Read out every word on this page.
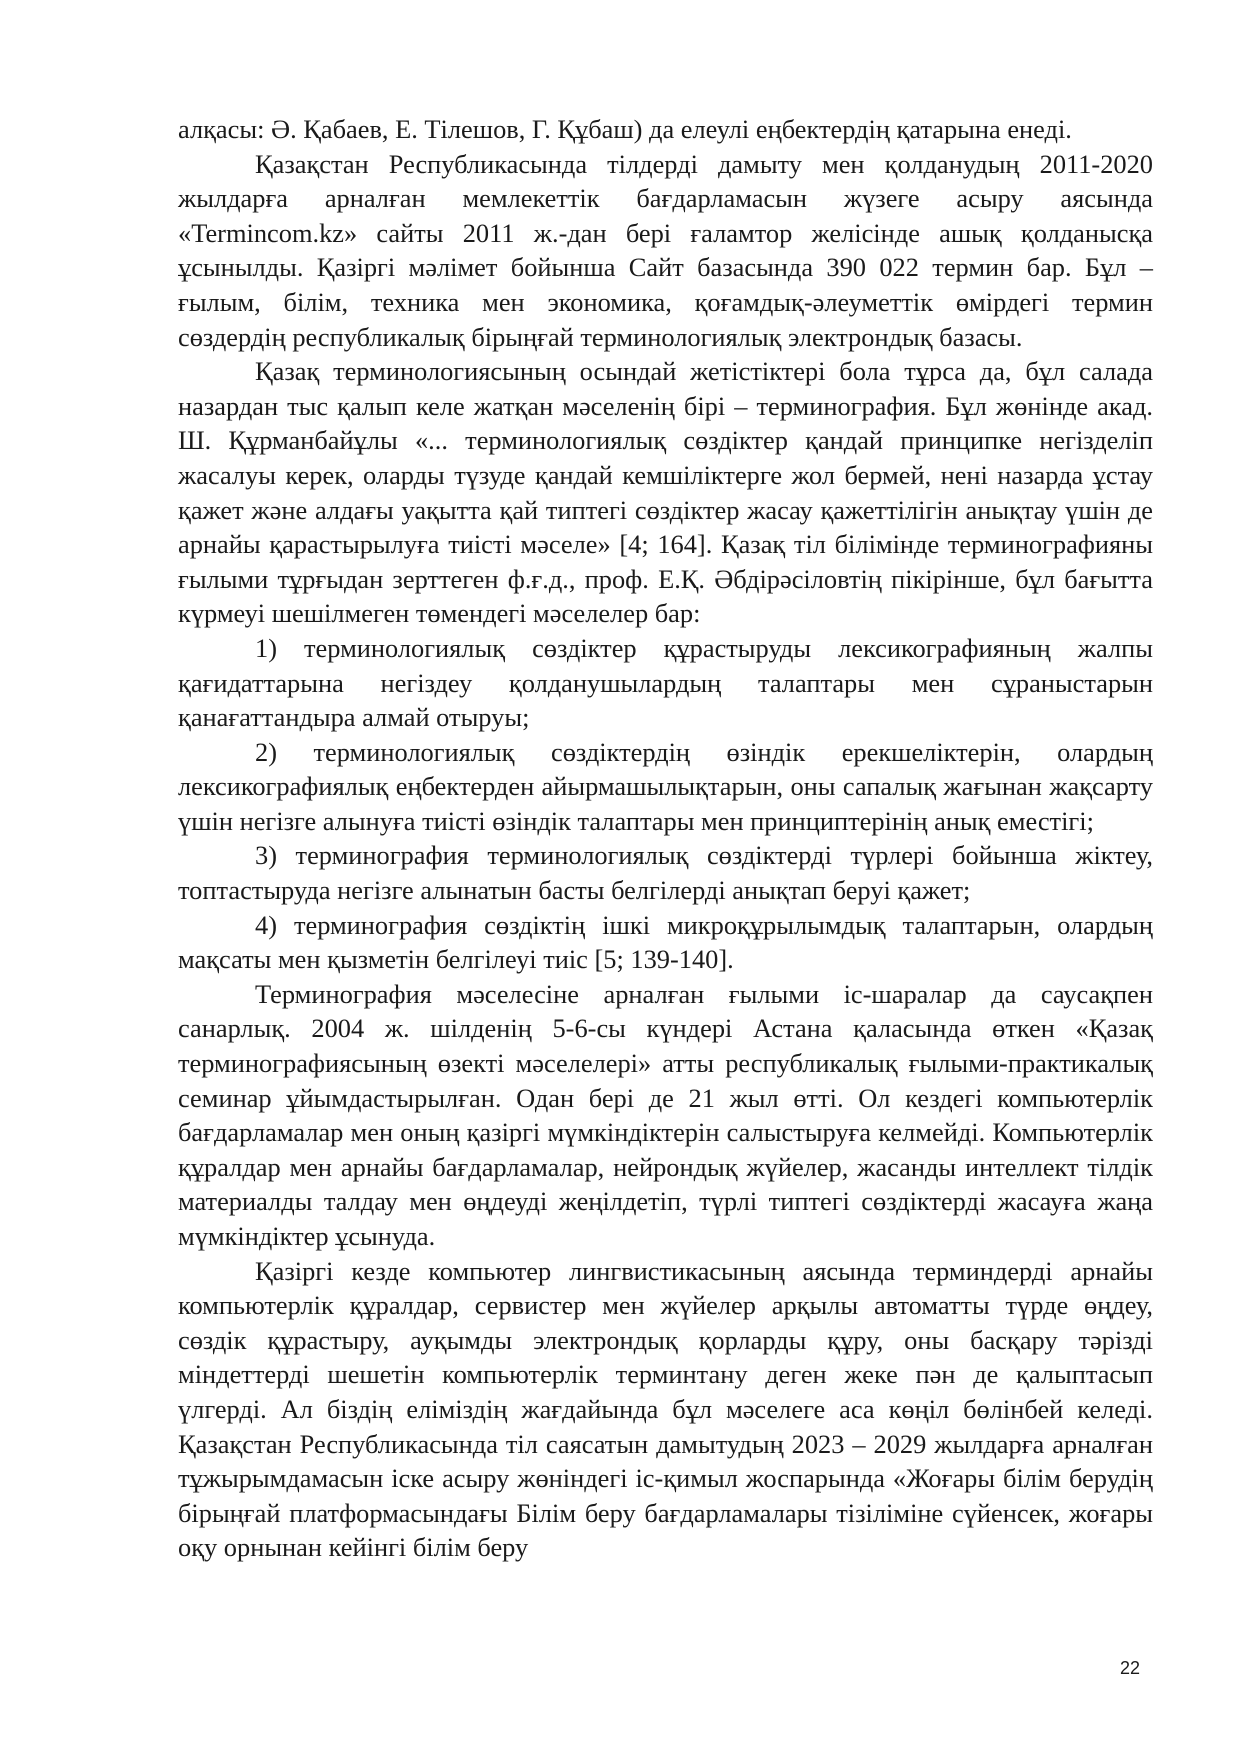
алқасы: Ә. Қабаев, Е. Тілешов, Г. Құбаш) да елеулі еңбектердің қатарына енеді.

Қазақстан Республикасында тілдерді дамыту мен қолданудың 2011-2020 жылдарға арналған мемлекеттік бағдарламасын жүзеге асыру аясында «Termincom.kz» сайты 2011 ж.-дан бері ғаламтор желісінде ашық қолданысқа ұсынылды. Қазіргі мәлімет бойынша Сайт базасында 390 022 термин бар. Бұл – ғылым, білім, техника мен экономика, қоғамдық-әлеуметтік өмірдегі термин сөздердің республикалық бірыңғай терминологиялық электрондық базасы.

Қазақ терминологиясының осындай жетістіктері бола тұрса да, бұл салада назардан тыс қалып келе жатқан мәселенің бірі – терминография. Бұл жөнінде акад. Ш. Құрманбайұлы «... терминологиялық сөздіктер қандай принципке негізделіп жасалуы керек, оларды түзуде қандай кемшіліктерге жол бермей, нені назарда ұстау қажет және алдағы уақытта қай типтегі сөздіктер жасау қажеттілігін анықтау үшін де арнайы қарастырылуға тиісті мәселе» [4; 164]. Қазақ тіл білімінде терминографияны ғылыми тұрғыдан зерттеген ф.ғ.д., проф. Е.Қ. Әбдірәсіловтің пікірінше, бұл бағытта күрмеуі шешілмеген төмендегі мәселелер бар:

1) терминологиялық сөздіктер құрастыруды лексикографияның жалпы қағидаттарына негіздеу қолданушылардың талаптары мен сұраныстарын қанағаттандыра алмай отыруы;

2) терминологиялық сөздіктердің өзіндік ерекшеліктерін, олардың лексикографиялық еңбектерден айырмашылықтарын, оны сапалық жағынан жақсарту үшін негізге алынуға тиісті өзіндік талаптары мен принциптерінің анық еместігі;

3) терминография терминологиялық сөздіктерді түрлері бойынша жіктеу, топтастыруда негізге алынатын басты белгілерді анықтап беруі қажет;

4) терминография сөздіктің ішкі микроқұрылымдық талаптарын, олардың мақсаты мен қызметін белгілеуі тиіс [5; 139-140].

Терминография мәселесіне арналған ғылыми іс-шаралар да саусақпен санарлық. 2004 ж. шілденің 5-6-сы күндері Астана қаласында өткен «Қазақ терминографиясының өзекті мәселелері» атты республикалық ғылыми-практикалық семинар ұйымдастырылған. Одан бері де 21 жыл өтті. Ол кездегі компьютерлік бағдарламалар мен оның қазіргі мүмкіндіктерін салыстыруға келмейді. Компьютерлік құралдар мен арнайы бағдарламалар, нейрондық жүйелер, жасанды интеллект тілдік материалды талдау мен өңдеуді жеңілдетіп, түрлі типтегі сөздіктерді жасауға жаңа мүмкіндіктер ұсынуда.

Қазіргі кезде компьютер лингвистикасының аясында терминдерді арнайы компьютерлік құралдар, сервистер мен жүйелер арқылы автоматты түрде өңдеу, сөздік құрастыру, ауқымды электрондық қорларды құру, оны басқару тәрізді міндеттерді шешетін компьютерлік терминтану деген жеке пән де қалыптасып үлгерді. Ал біздің еліміздің жағдайында бұл мәселеге аса көңіл бөлінбей келеді. Қазақстан Республикасында тіл саясатын дамытудың 2023 – 2029 жылдарға арналған тұжырымдамасын іске асыру жөніндегі іс-қимыл жоспарында «Жоғары білім берудің бірыңғай платформасындағы Білім беру бағдарламалары тізіліміне сүйенсек, жоғары оқу орнынан кейінгі білім беру

22
